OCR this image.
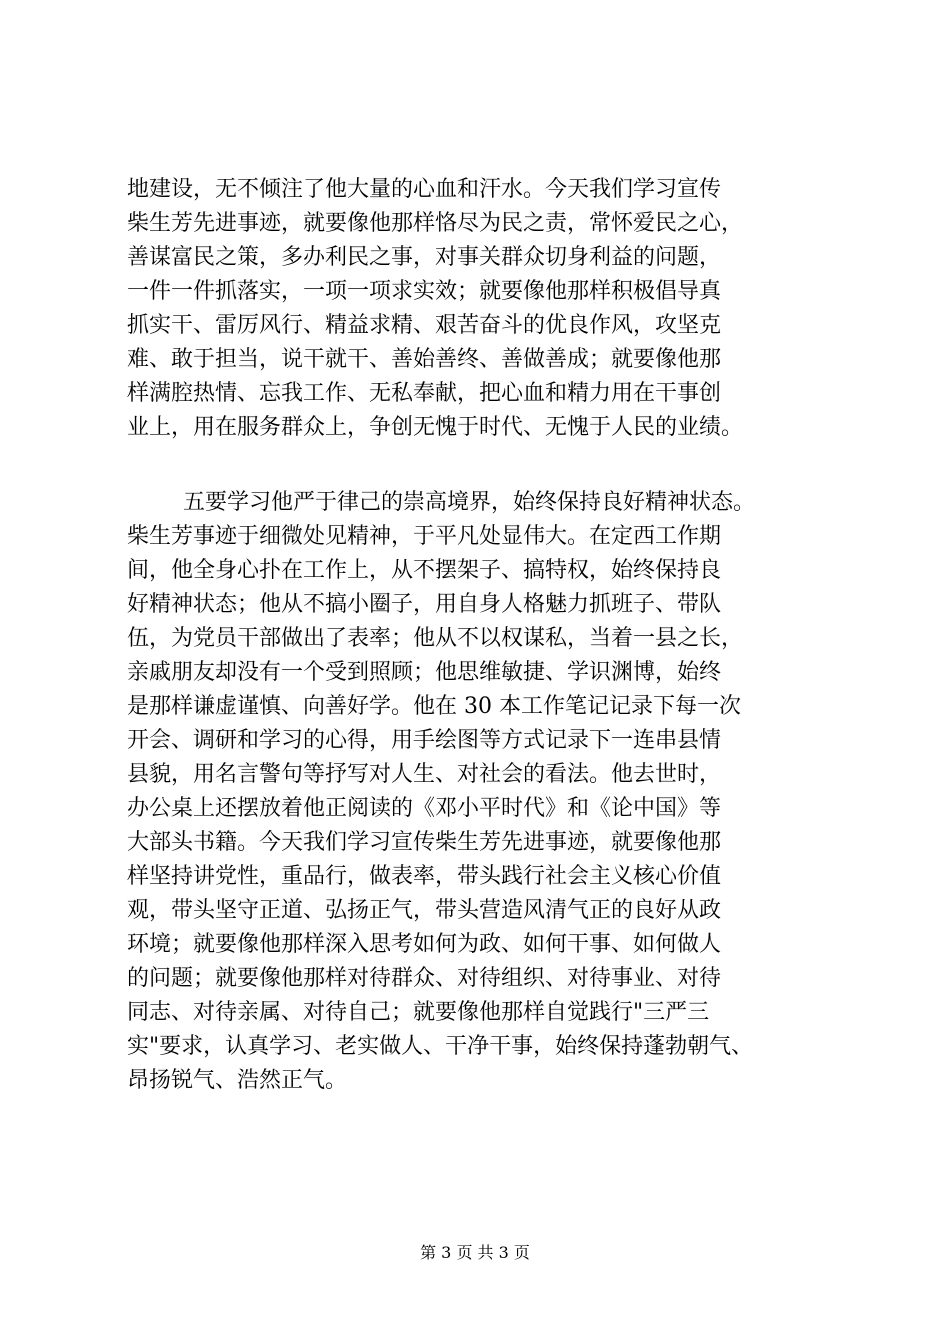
地建设，无不倾注了他大量的心血和汗水。今天我们学习宣传
柴生芳先进事迹，就要像他那样恪尽为民之责，常怀爱民之心，
善谋富民之策，多办利民之事，对事关群众切身利益的问题，
一件一件抓落实，一项一项求实效；就要像他那样积极倡导真
抓实干、雷厉风行、精益求精、艰苦奋斗的优良作风，攻坚克
难、敢于担当，说干就干、善始善终、善做善成；就要像他那
样满腔热情、忘我工作、无私奉献，把心血和精力用在干事创
业上，用在服务群众上，争创无愧于时代、无愧于人民的业绩。
五要学习他严于律己的崇高境界，始终保持良好精神状态。
柴生芳事迹于细微处见精神，于平凡处显伟大。在定西工作期
间，他全身心扑在工作上，从不摆架子、搞特权，始终保持良
好精神状态；他从不搞小圈子，用自身人格魅力抓班子、带队
伍，为党员干部做出了表率；他从不以权谋私，当着一县之长，
亲戚朋友却没有一个受到照顾；他思维敏捷、学识渊博，始终
是那样谦虚谨慎、向善好学。他在 30 本工作笔记记录下每一次
开会、调研和学习的心得，用手绘图等方式记录下一连串县情
县貌，用名言警句等抒写对人生、对社会的看法。他去世时，
办公桌上还摆放着他正阅读的《邓小平时代》和《论中国》等
大部头书籍。今天我们学习宣传柴生芳先进事迹，就要像他那
样坚持讲党性，重品行，做表率，带头践行社会主义核心价值
观，带头坚守正道、弘扬正气，带头营造风清气正的良好从政
环境；就要像他那样深入思考如何为政、如何干事、如何做人
的问题；就要像他那样对待群众、对待组织、对待事业、对待
同志、对待亲属、对待自己；就要像他那样自觉践行"三严三
实"要求，认真学习、老实做人、干净干事，始终保持蓬勃朝气、
昂扬锐气、浩然正气。
第 3 页 共 3 页
